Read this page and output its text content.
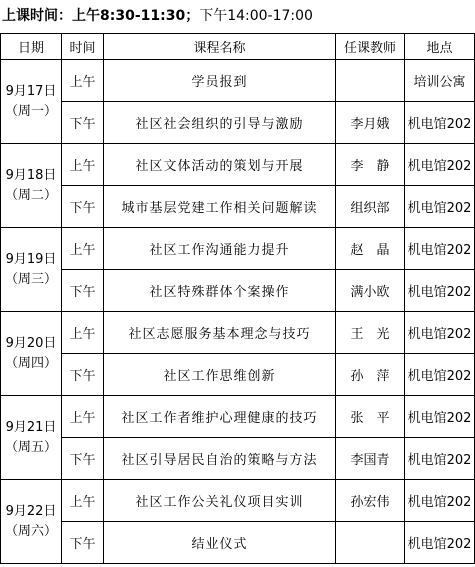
上课时间：上午8:30-11:30；下午14:00-17:00
日期	时间	课程名称	任课教师	地点

9月17日
（周一）	上午	学员报到		培训公寓
	下午	社区社会组织的引导与激励	李月娥	机电馆202

9月18日
（周二）	上午	社区文体活动的策划与开展	李　静	机电馆202
	下午	城市基层党建工作相关问题解读	组织部	机电馆202

9月19日
（周三）	上午	社区工作沟通能力提升	赵　晶	机电馆202
	下午	社区特殊群体个案操作	满小欧	机电馆202

9月20日
（周四）	上午	社区志愿服务基本理念与技巧	王　光	机电馆202
	下午	社区工作思维创新	孙　萍	机电馆202

9月21日
（周五）	上午	社区工作者维护心理健康的技巧	张　平	机电馆202
	下午	社区引导居民自治的策略与方法	李国青	机电馆202

9月22日
（周六）	上午	社区工作公关礼仪项目实训	孙宏伟	机电馆202
	下午	结业仪式		机电馆202
